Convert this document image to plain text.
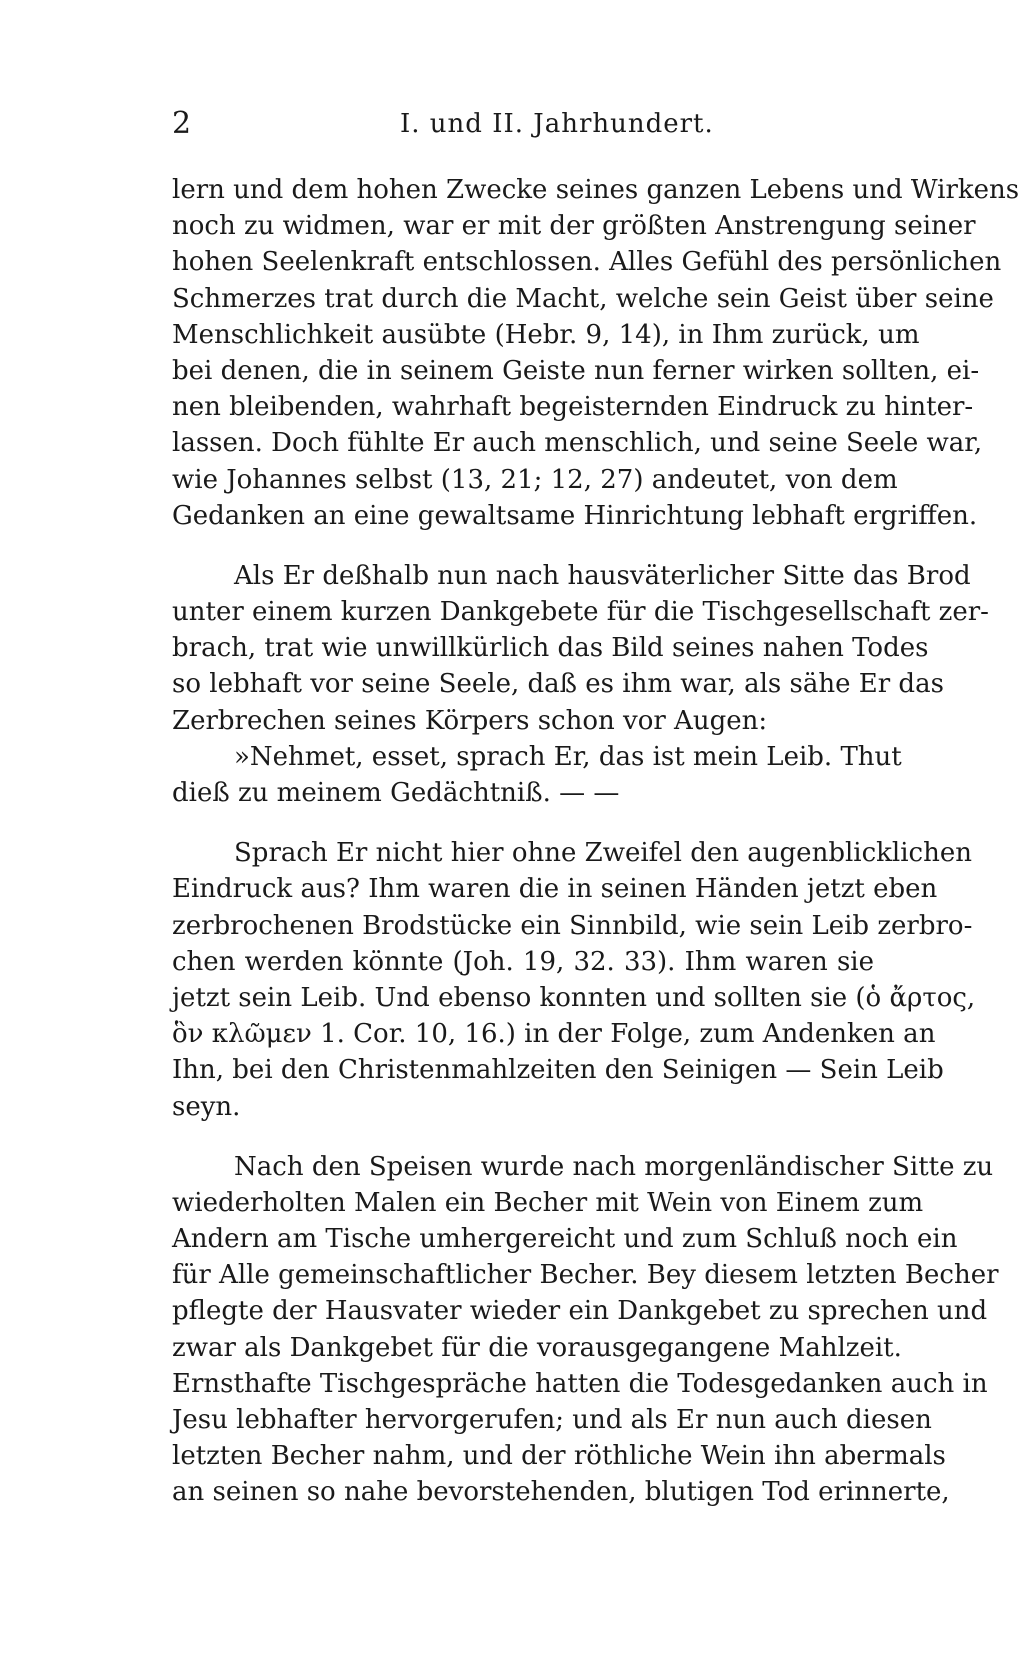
2	I. und II. Jahrhundert.
lern und dem hohen Zwecke seines ganzen Lebens und Wirkens
noch zu widmen, war er mit der größten Anstrengung seiner
hohen Seelenkraft entschlossen. Alles Gefühl des persönlichen
Schmerzes trat durch die Macht, welche sein Geist über seine
Menschlichkeit ausübte (Hebr. 9, 14), in Ihm zurück, um
bei denen, die in seinem Geiste nun ferner wirken sollten, ei-
nen bleibenden, wahrhaft begeisternden Eindruck zu hinter-
lassen. Doch fühlte Er auch menschlich, und seine Seele war,
wie Johannes selbst (13, 21; 12, 27) andeutet, von dem
Gedanken an eine gewaltsame Hinrichtung lebhaft ergriffen.
Als Er deßhalb nun nach hausväterlicher Sitte das Brod
unter einem kurzen Dankgebete für die Tischgesellschaft zer-
brach, trat wie unwillkürlich das Bild seines nahen Todes
so lebhaft vor seine Seele, daß es ihm war, als sähe Er das
Zerbrechen seines Körpers schon vor Augen:
»Nehmet, esset, sprach Er, das ist mein Leib. Thut
dieß zu meinem Gedächtniß. — —
Sprach Er nicht hier ohne Zweifel den augenblicklichen
Eindruck aus? Ihm waren die in seinen Händen jetzt eben
zerbrochenen Brodstücke ein Sinnbild, wie sein Leib zerbro-
chen werden könnte (Joh. 19, 32. 33). Ihm waren sie
jetzt sein Leib. Und ebenso konnten und sollten sie (ὁ ἄρτος,
ὃν κλῶμεν 1. Cor. 10, 16.) in der Folge, zum Andenken an
Ihn, bei den Christenmahlzeiten den Seinigen — Sein Leib
seyn.
Nach den Speisen wurde nach morgenländischer Sitte zu
wiederholten Malen ein Becher mit Wein von Einem zum
Andern am Tische umhergereicht und zum Schluß noch ein
für Alle gemeinschaftlicher Becher. Bey diesem letzten Becher
pflegte der Hausvater wieder ein Dankgebet zu sprechen und
zwar als Dankgebet für die vorausgegangene Mahlzeit.
Ernsthafte Tischgespräche hatten die Todesgedanken auch in
Jesu lebhafter hervorgerufen; und als Er nun auch diesen
letzten Becher nahm, und der röthliche Wein ihn abermals
an seinen so nahe bevorstehenden, blutigen Tod erinnerte,
